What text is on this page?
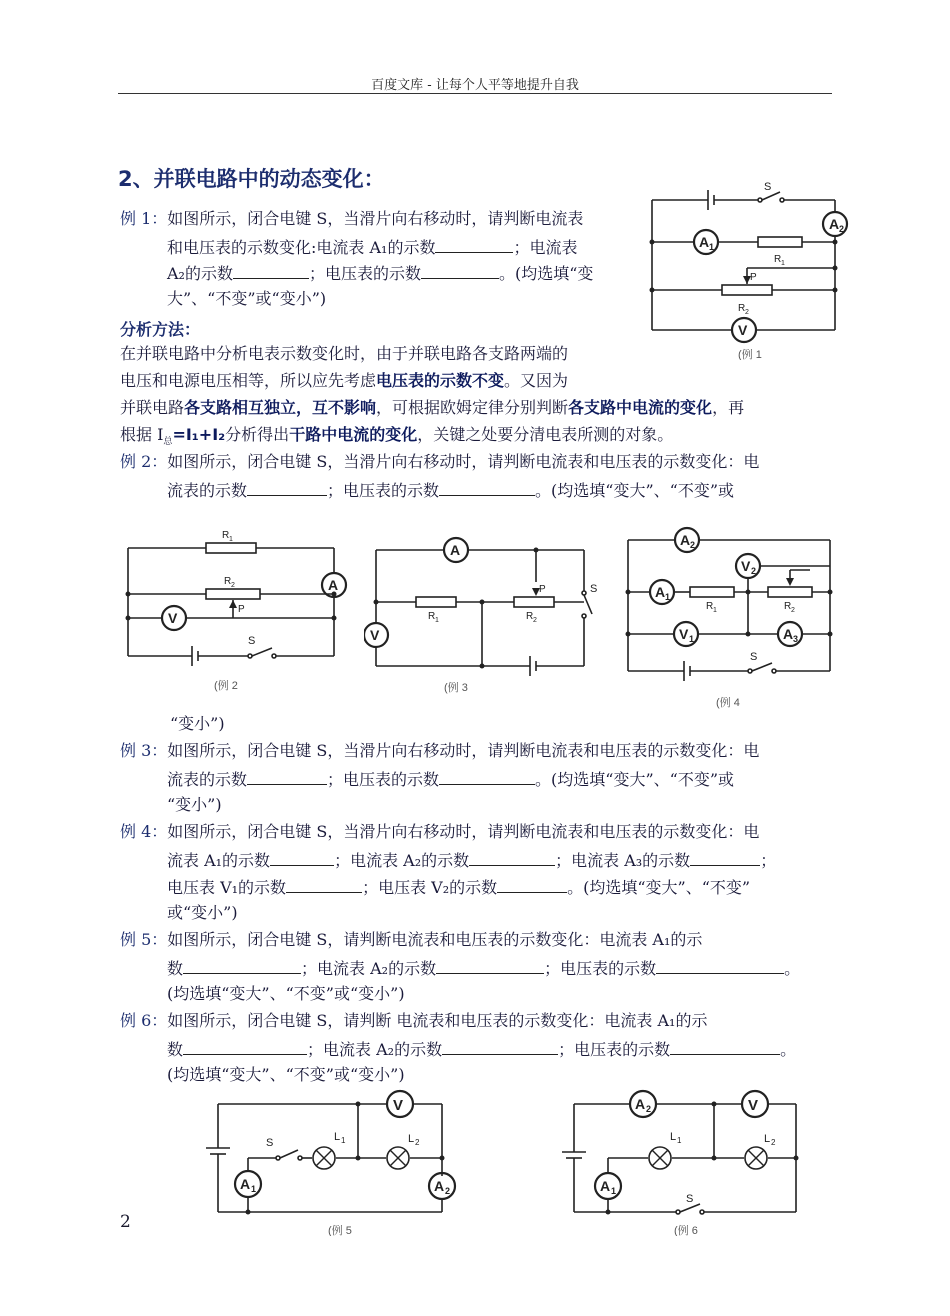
百度文库 - 让每个人平等地提升自我
2、并联电路中的动态变化：
例 1：如图所示，闭合电键 S，当滑片向右移动时，请判断电流表
和电压表的示数变化:电流表 A₁的示数	；电流表
A₂的示数	；电压表的示数	。(均选填“变
大”、“不变”或“变小”)
分析方法：
在并联电路中分析电表示数变化时，由于并联电路各支路两端的
电压和电源电压相等，所以应先考虑电压表的示数不变。又因为
并联电路各支路相互独立，互不影响，可根据欧姆定律分别判断各支路中电流的变化，再
根据 $I_总=I_1+I_2$分析得出干路中电流的变化，关键之处要分清电表所测的对象。
例 2：如图所示，闭合电键 S，当滑片向右移动时，请判断电流表和电压表的示数变化：电
流表的示数	；电压表的示数	。(均选填“变大”、“不变”或
“变小”)
例 3：如图所示，闭合电键 S，当滑片向右移动时，请判断电流表和电压表的示数变化：电
流表的示数	；电压表的示数	。(均选填“变大”、“不变”或
“变小”)
例 4：如图所示，闭合电键 S，当滑片向右移动时，请判断电流表和电压表的示数变化：电
流表 A₁的示数	；电流表 A₂的示数	；电流表 A₃的示数	；
电压表 V₁的示数	；电压表 V₂的示数	。(均选填“变大”、“不变”
或“变小”)
例 5：如图所示，闭合电键 S，请判断电流表和电压表的示数变化：电流表 A₁的示
数	；电流表 A₂的示数	；电压表的示数	。
(均选填“变大”、“不变”或“变小”)
例 6：如图所示，闭合电键 S，请判断 电流表和电压表的示数变化：电流表 A₁的示
数	；电流表 A₂的示数	；电压表的示数	。
(均选填“变大”、“不变”或“变小”)
S
A 2
A 1
R 1
P
R 2
V
(例 1
R 1
R 2	A
P
V
S
(例 2
A
R 1	R 2
P	S
V
(例 3
A 2
V 2
A 1
R 1	R 2
V 1	A 3
S
(例 4
V
S	L 1	L 2
A 1	A 2
(例 5
A 2	V
L 1	L 2
A 1
S
(例 6
2
